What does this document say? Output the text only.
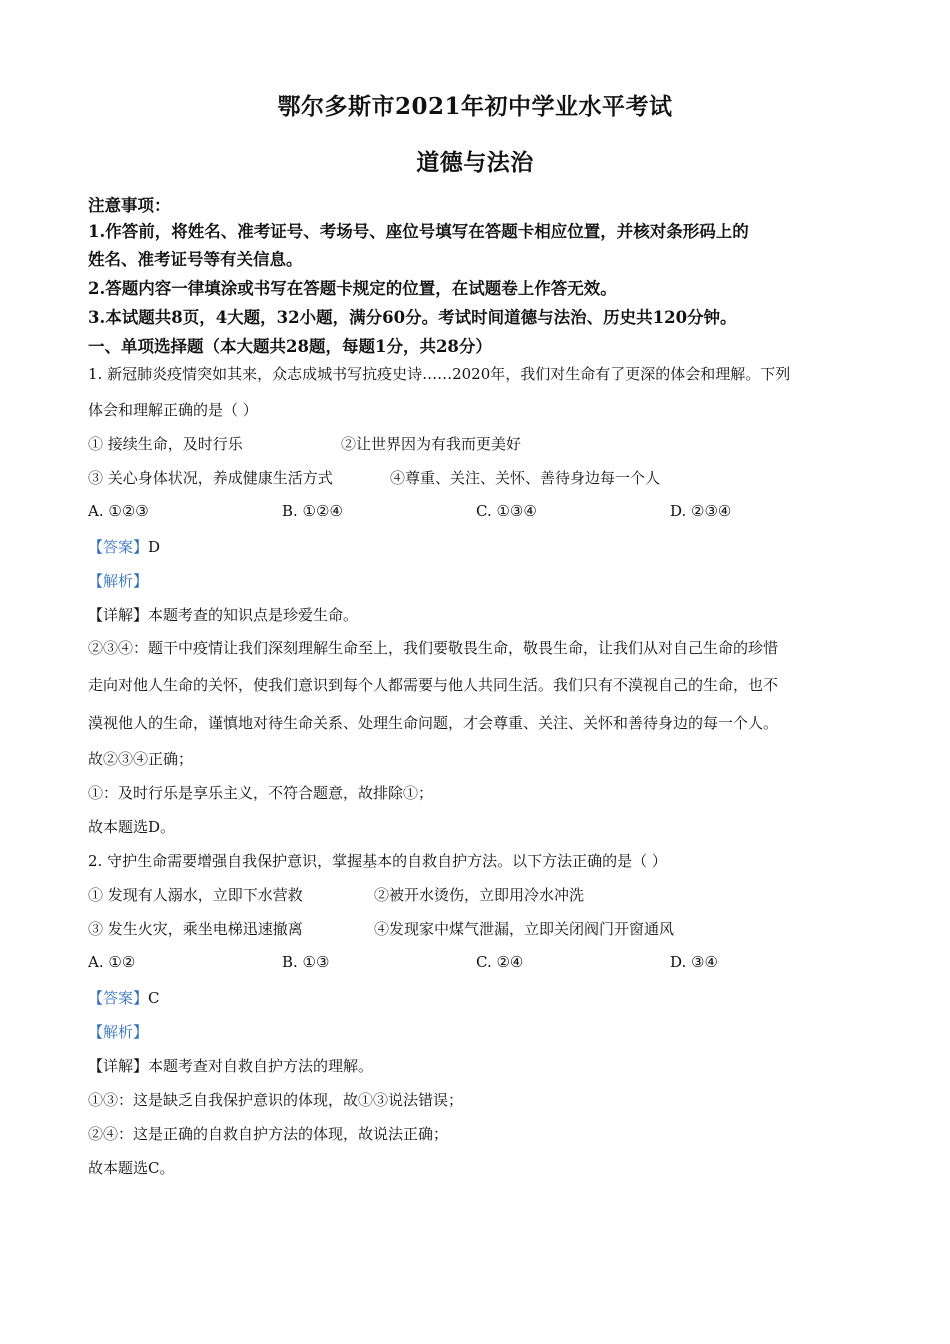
鄂尔多斯市2021年初中学业水平考试
道德与法治
注意事项：
1.作答前，将姓名、准考证号、考场号、座位号填写在答题卡相应位置，并核对条形码上的
姓名、准考证号等有关信息。
2.答题内容一律填涂或书写在答题卡规定的位置，在试题卷上作答无效。
3.本试题共8页，4大题，32小题，满分60分。考试时间道德与法治、历史共120分钟。
一、单项选择题（本大题共28题，每题1分，共28分）
1. 新冠肺炎疫情突如其来，众志成城书写抗疫史诗……2020年，我们对生命有了更深的体会和理解。下列
体会和理解正确的是（ ）
① 接续生命，及时行乐	②让世界因为有我而更美好
③ 关心身体状况，养成健康生活方式	④尊重、关注、关怀、善待身边每一个人
A. ①②③	B. ①②④	C. ①③④	D. ②③④
【答案】D
【解析】
【详解】本题考查的知识点是珍爱生命。
②③④：题干中疫情让我们深刻理解生命至上，我们要敬畏生命，敬畏生命，让我们从对自己生命的珍惜
走向对他人生命的关怀，使我们意识到每个人都需要与他人共同生活。我们只有不漠视自己的生命，也不
漠视他人的生命，谨慎地对待生命关系、处理生命问题，才会尊重、关注、关怀和善待身边的每一个人。
故②③④正确；
①：及时行乐是享乐主义，不符合题意，故排除①；
故本题选D。
2. 守护生命需要增强自我保护意识，掌握基本的自救自护方法。以下方法正确的是（ ）
① 发现有人溺水，立即下水营救	②被开水烫伤，立即用冷水冲洗
③ 发生火灾，乘坐电梯迅速撤离	④发现家中煤气泄漏，立即关闭阀门开窗通风
A. ①②	B. ①③	C. ②④	D. ③④
【答案】C
【解析】
【详解】本题考查对自救自护方法的理解。
①③：这是缺乏自我保护意识的体现，故①③说法错误；
②④：这是正确的自救自护方法的体现，故说法正确；
故本题选C。
